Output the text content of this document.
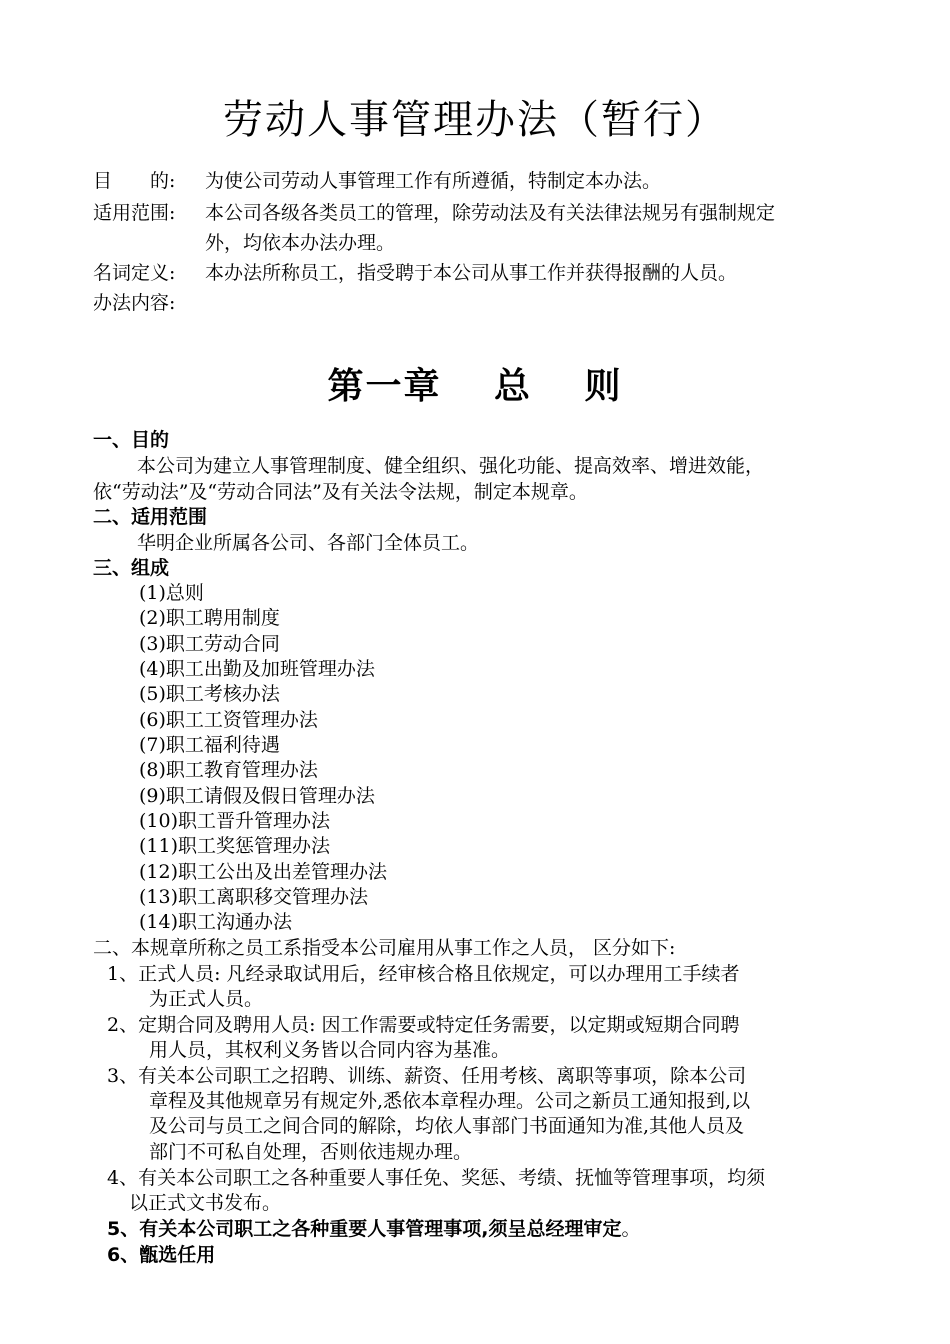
劳动人事管理办法（暂行）
目　　的: 为使公司劳动人事管理工作有所遵循，特制定本办法。
适用范围: 本公司各级各类员工的管理，除劳动法及有关法律法规另有强制规定
外，均依本办法办理。
名词定义: 本办法所称员工，指受聘于本公司从事工作并获得报酬的人员。
办法内容:
第一章　 总　 则
一、目的
本公司为建立人事管理制度、健全组织、强化功能、提高效率、增进效能，
依“劳动法”及“劳动合同法”及有关法令法规，制定本规章。
二、适用范围
华明企业所属各公司、各部门全体员工。
三、组成
(1)总则
(2)职工聘用制度
(3)职工劳动合同
(4)职工出勤及加班管理办法
(5)职工考核办法
(6)职工工资管理办法
(7)职工福利待遇
(8)职工教育管理办法
(9)职工请假及假日管理办法
(10)职工晋升管理办法
(11)职工奖惩管理办法
(12)职工公出及出差管理办法
(13)职工离职移交管理办法
(14)职工沟通办法
二、本规章所称之员工系指受本公司雇用从事工作之人员， 区分如下:
1、正式人员: 凡经录取试用后，经审核合格且依规定，可以办理用工手续者
为正式人员。
2、定期合同及聘用人员: 因工作需要或特定任务需要，以定期或短期合同聘
用人员，其权利义务皆以合同内容为基准。
3、有关本公司职工之招聘、训练、薪资、任用考核、离职等事项，除本公司
章程及其他规章另有规定外,悉依本章程办理。公司之新员工通知报到,以
及公司与员工之间合同的解除，均依人事部门书面通知为准,其他人员及
部门不可私自处理，否则依违规办理。
4、有关本公司职工之各种重要人事任免、奖惩、考绩、抚恤等管理事项，均须
以正式文书发布。
5、有关本公司职工之各种重要人事管理事项,须呈总经理审定。
6、甑选任用
